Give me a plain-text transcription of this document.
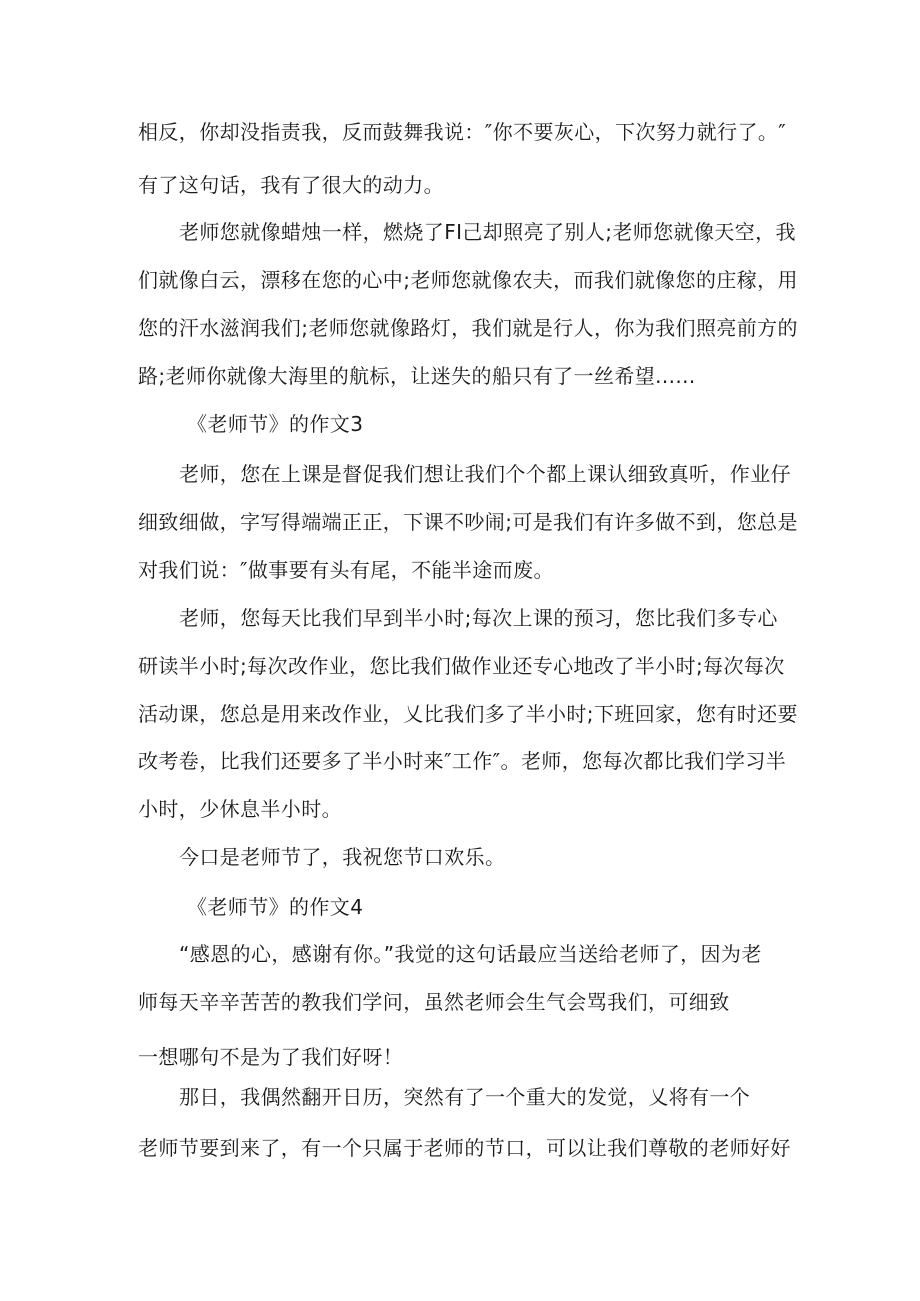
相反，你却没指责我，反而鼓舞我说：″你不要灰心，下次努力就行了。″
有了这句话，我有了很大的动力。
老师您就像蜡烛一样，燃烧了FI己却照亮了别人;老师您就像天空，我
们就像白云，漂移在您的心中;老师您就像农夫，而我们就像您的庄稼，用
您的汗水滋润我们;老师您就像路灯，我们就是行人，你为我们照亮前方的
路;老师你就像大海里的航标，让迷失的船只有了一丝希望......
《老师节》的作文3
老师，您在上课是督促我们想让我们个个都上课认细致真听，作业仔
细致细做，字写得端端正正，下课不吵闹;可是我们有许多做不到，您总是
对我们说：″做事要有头有尾，不能半途而废。
老师，您每天比我们早到半小时;每次上课的预习，您比我们多专心
研读半小时;每次改作业，您比我们做作业还专心地改了半小时;每次每次
活动课，您总是用来改作业，乂比我们多了半小时;下班回家，您有时还要
改考卷，比我们还要多了半小时来″工作″。老师，您每次都比我们学习半
小时，少休息半小时。
今口是老师节了，我祝您节口欢乐。
《老师节》的作文4
“感恩的心，感谢有你。”我觉的这句话最应当送给老师了，因为老
师每天辛辛苦苦的教我们学问，虽然老师会生气会骂我们，可细致
一想哪句不是为了我们好呀！
那日，我偶然翻开日历，突然有了一个重大的发觉，乂将有一个
老师节要到来了，有一个只属于老师的节口，可以让我们尊敬的老师好好
